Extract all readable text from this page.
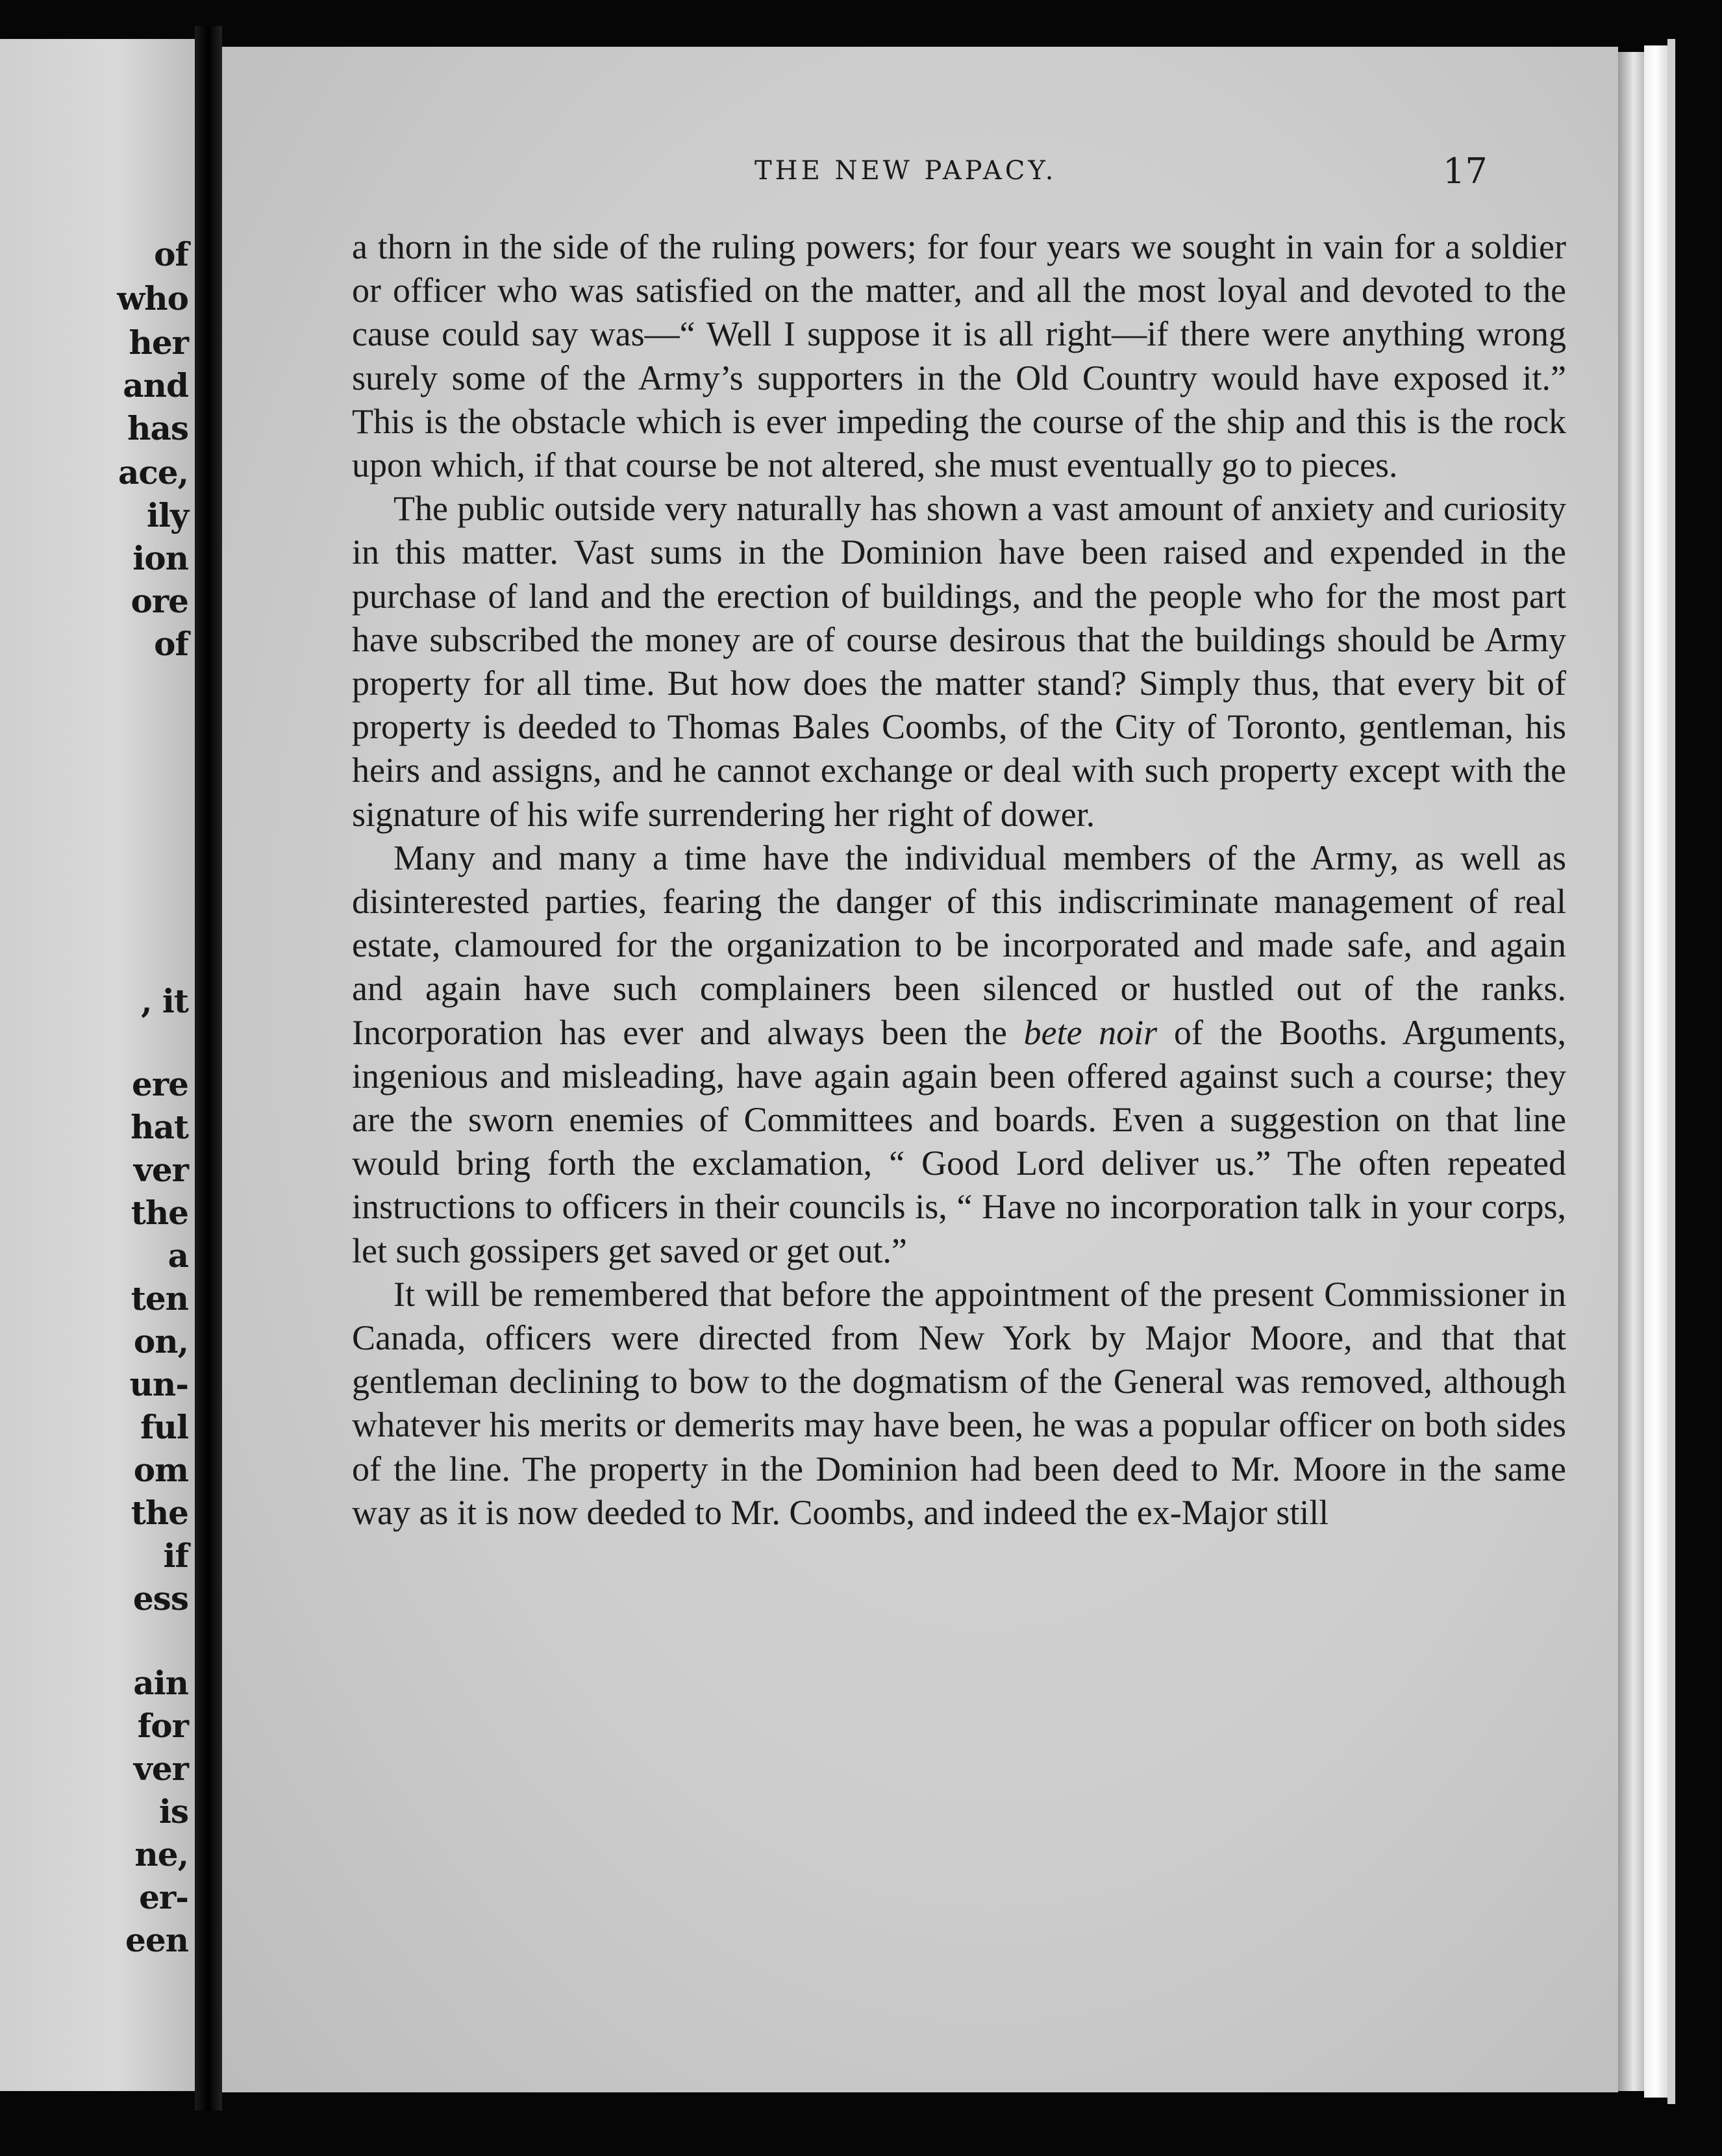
of
who
her
and
has
ace,
ily
ion
ore
of
, it
ere
hat
ver
the
a
ten
on,
un-
ful
om
the
if
ess
ain
for
ver
is
ne,
er-
een
THE NEW PAPACY.	17

a thorn in the side of the ruling powers; for four years we sought in vain for a soldier or officer who was satisfied on the matter, and all the most loyal and devoted to the cause could say was—“ Well I suppose it is all right—if there were anything wrong surely some of the Army’s supporters in the Old Country would have exposed it.” This is the obstacle which is ever impeding the course of the ship and this is the rock upon which, if that course be not altered, she must eventually go to pieces.

The public outside very naturally has shown a vast amount of anxiety and curiosity in this matter. Vast sums in the Dominion have been raised and expended in the purchase of land and the erection of buildings, and the people who for the most part have subscribed the money are of course desirous that the buildings should be Army property for all time. But how does the matter stand? Simply thus, that every bit of property is deeded to Thomas Bales Coombs, of the City of Toronto, gentleman, his heirs and assigns, and he cannot exchange or deal with such property except with the signature of his wife surrendering her right of dower.

Many and many a time have the individual members of the Army, as well as disinterested parties, fearing the danger of this indiscriminate management of real estate, clamoured for the organization to be incorporated and made safe, and again and again have such complainers been silenced or hustled out of the ranks. Incorporation has ever and always been the bete noir of the Booths. Arguments, ingenious and misleading, have again again been offered against such a course; they are the sworn enemies of Committees and boards. Even a suggestion on that line would bring forth the exclamation, “ Good Lord deliver us.” The often repeated instructions to officers in their councils is, “ Have no incorporation talk in your corps, let such gossipers get saved or get out.”

It will be remembered that before the appointment of the present Commissioner in Canada, officers were directed from New York by Major Moore, and that that gentleman declining to bow to the dogmatism of the General was removed, although whatever his merits or demerits may have been, he was a popular officer on both sides of the line. The property in the Dominion had been deed to Mr. Moore in the same way as it is now deeded to Mr. Coombs, and indeed the ex-Major still
